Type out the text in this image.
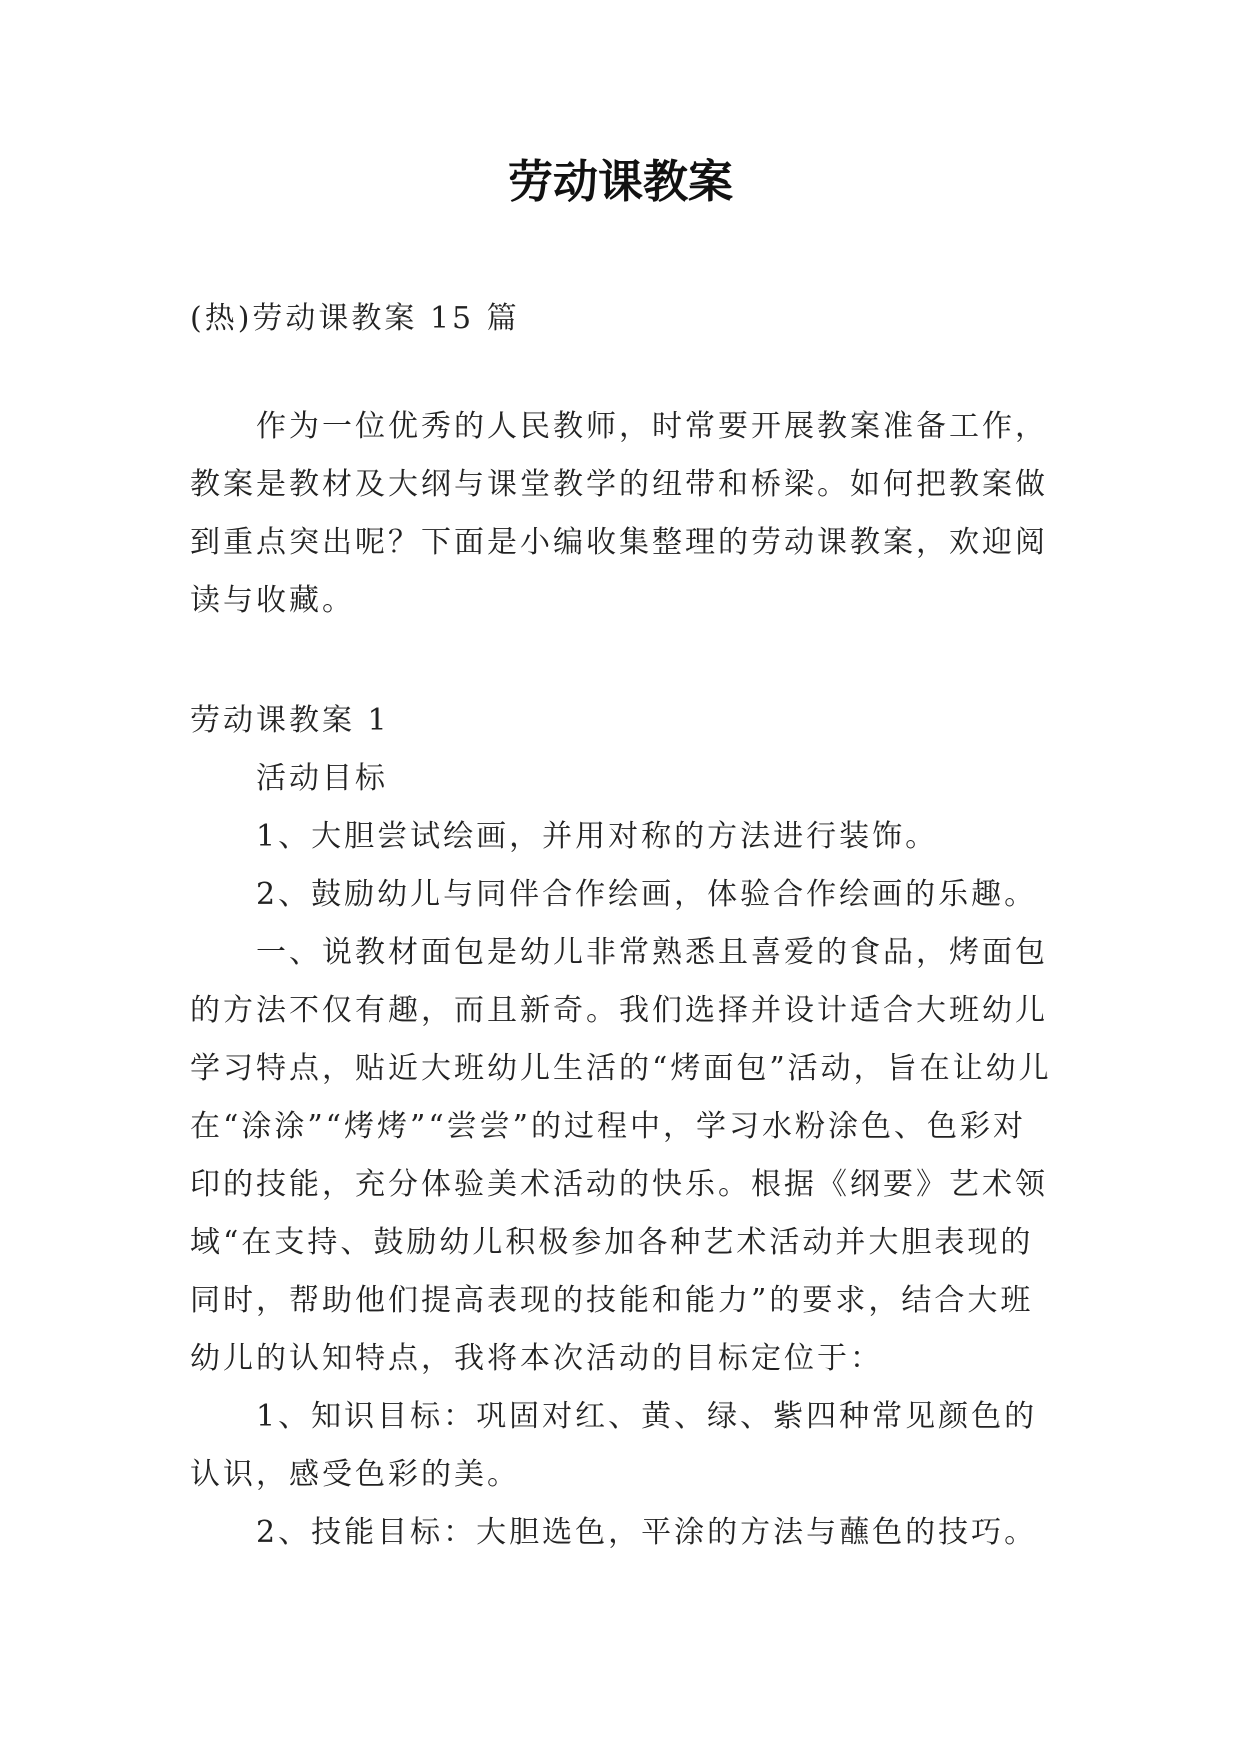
劳动课教案

(热)劳动课教案 15 篇

作为一位优秀的人民教师，时常要开展教案准备工作，教案是教材及大纲与课堂教学的纽带和桥梁。如何把教案做到重点突出呢？下面是小编收集整理的劳动课教案，欢迎阅读与收藏。

劳动课教案 1

活动目标

1、大胆尝试绘画，并用对称的方法进行装饰。

2、鼓励幼儿与同伴合作绘画，体验合作绘画的乐趣。

一、说教材面包是幼儿非常熟悉且喜爱的食品，烤面包的方法不仅有趣，而且新奇。我们选择并设计适合大班幼儿学习特点，贴近大班幼儿生活的“烤面包”活动，旨在让幼儿在“涂涂”“烤烤”“尝尝”的过程中，学习水粉涂色、色彩对印的技能，充分体验美术活动的快乐。根据《纲要》艺术领域“在支持、鼓励幼儿积极参加各种艺术活动并大胆表现的同时，帮助他们提高表现的技能和能力”的要求，结合大班幼儿的认知特点，我将本次活动的目标定位于：

1、知识目标：巩固对红、黄、绿、紫四种常见颜色的认识，感受色彩的美。

2、技能目标：大胆选色，平涂的方法与蘸色的技巧。
